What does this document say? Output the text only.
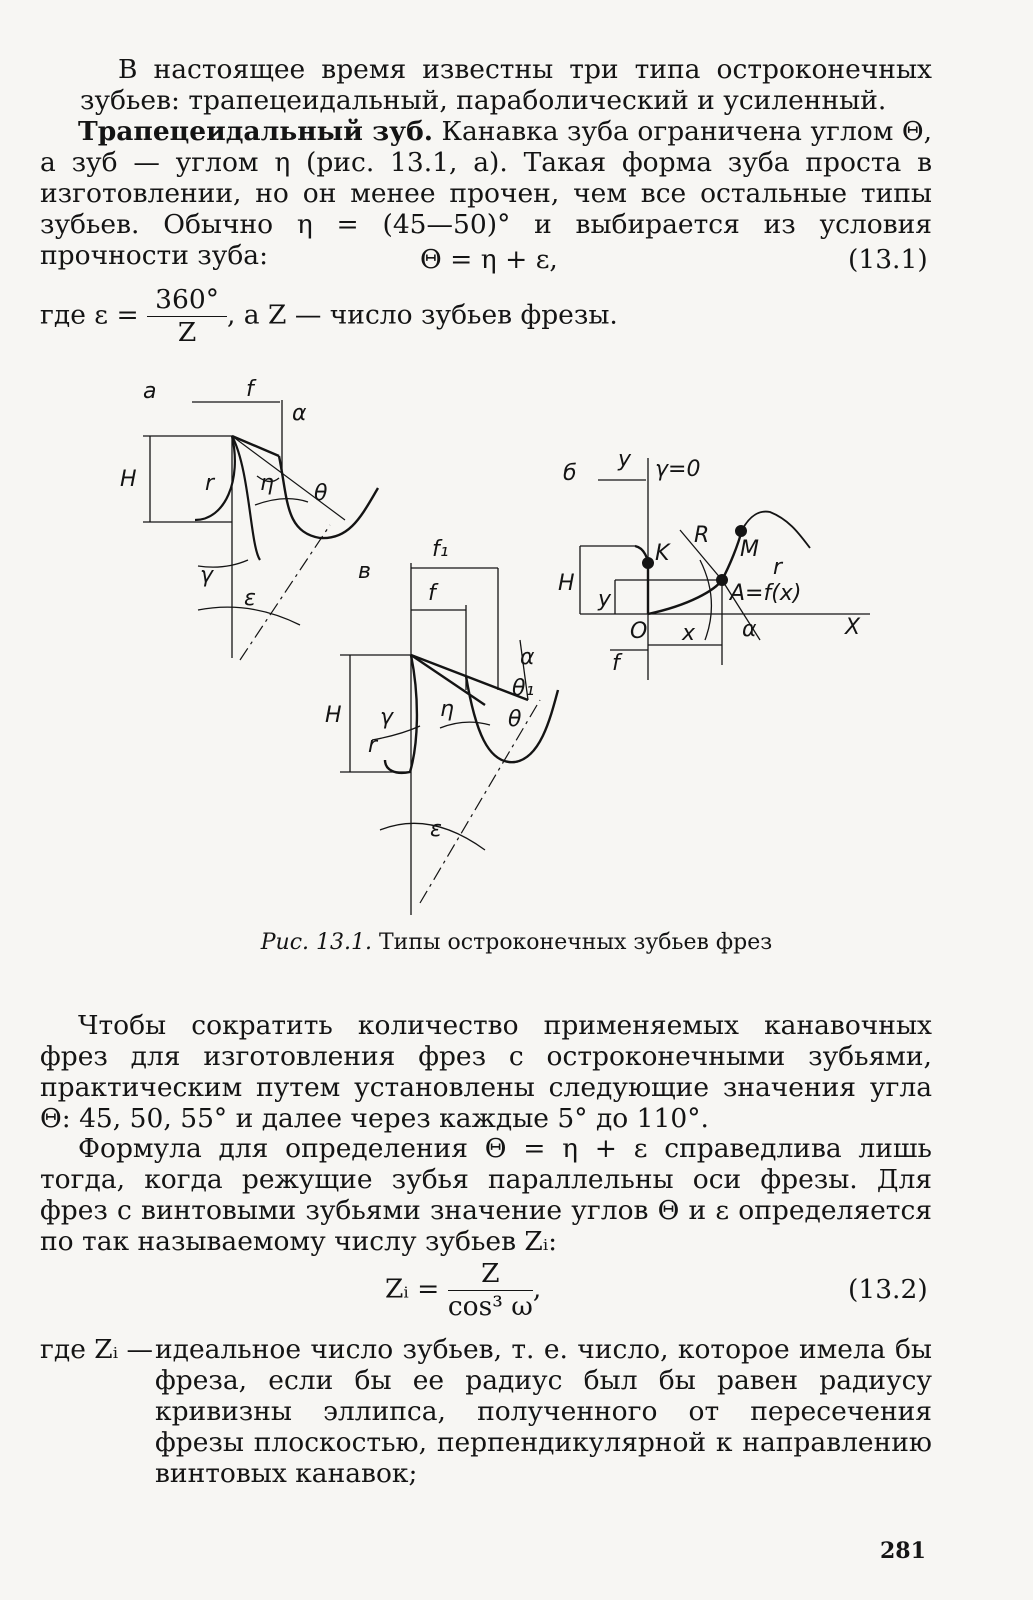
В настоящее время известны три типа остроконечных зубьев: трапецеидальный, параболический и усиленный.

Трапецеидальный зуб. Канавка зуба ограничена углом Θ, а зуб — углом η (рис. 13.1, а). Такая форма зуба проста в изготовлении, но он менее прочен, чем все остальные типы зубьев. Обычно η = (45—50)° и выбирается из условия прочности зуба:	Θ = η + ε,	(13.1)
где $\varepsilon = \frac{360^\circ}{Z}$ , а Z — число зубьев фрезы.
а	f
α
H	r η θ
γ
ε
в
f₁
f
α
θ₁
θ
H γ η
r
ε
б
y γ=0
K	M
R
r
A=f(x)
H
y
O x α	X
f
Рис. 13.1. Типы остроконечных зубьев фрез

Чтобы сократить количество применяемых канавочных фрез для изготовления фрез с остроконечными зубьями, практическим путем установлены следующие значения угла Θ: 45, 50, 55° и далее через каждые 5° до 110°.

Формула для определения Θ = η + ε справедлива лишь тогда, когда режущие зубья параллельны оси фрезы. Для фрез с винтовыми зубьями значение углов Θ и ε определяется по так называемому числу зубьев Zᵢ:

Zᵢ = $\frac{Z}{\text{cos³ ω}}$ ,	(13.2)
где Zᵢ — идеальное число зубьев, т. е. число, которое имела бы фреза, если бы ее радиус был бы равен радиусу кривизны эллипса, полученного от пересечения фрезы плоскостью, перпендикулярной к направлению винтовых канавок;

281
